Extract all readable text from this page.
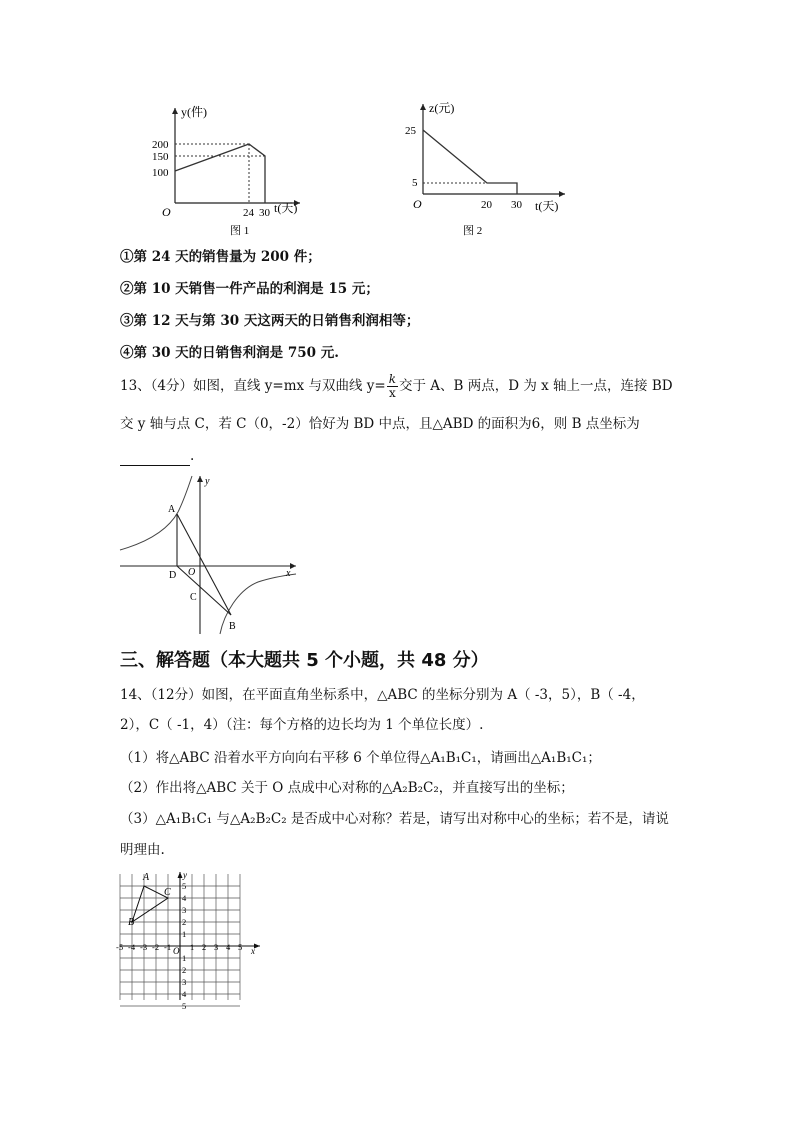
y(件)
200
150
100
O	24 30 t(天)
图 1
z(元)
25
5
O	20 30 t(天)
图 2
①第 24 天的销售量为 200 件；
②第 10 天销售一件产品的利润是 15 元；
③第 12 天与第 30 天这两天的日销售利润相等；
④第 30 天的日销售利润是 750 元.
13、（4分）如图，直线 y=mx 与双曲线 $y= \frac{k}{x}$ 交于 A、B 两点，D 为 x 轴上一点，连接 BD
交 y 轴与点 C，若 C（0，-2）恰好为 BD 中点，且△ABD 的面积为6，则 B 点坐标为
.
A
D O
C
B
x
y
三、解答题（本大题共 5 个小题，共 48 分）
14、（12分）如图，在平面直角坐标系中，△ABC 的坐标分别为 A（ -3，5），B（ -4，
2），C（ -1，4）（注：每个方格的边长均为 1 个单位长度）.
（1）将△ABC 沿着水平方向向右平移 6 个单位得△A₁B₁C₁，请画出△A₁B₁C₁；
（2）作出将△ABC 关于 O 点成中心对称的△A₂B₂C₂，并直接写出的坐标；
（3）△A₁B₁C₁ 与△A₂B₂C₂ 是否成中心对称？若是，请写出对称中心的坐标；若不是，请说
明理由.
A
B
C
O	x
y
-5 -4 -3 -2 -1 1 2 3 4 5
5
4
3
2
1
1
2
3
4
5
